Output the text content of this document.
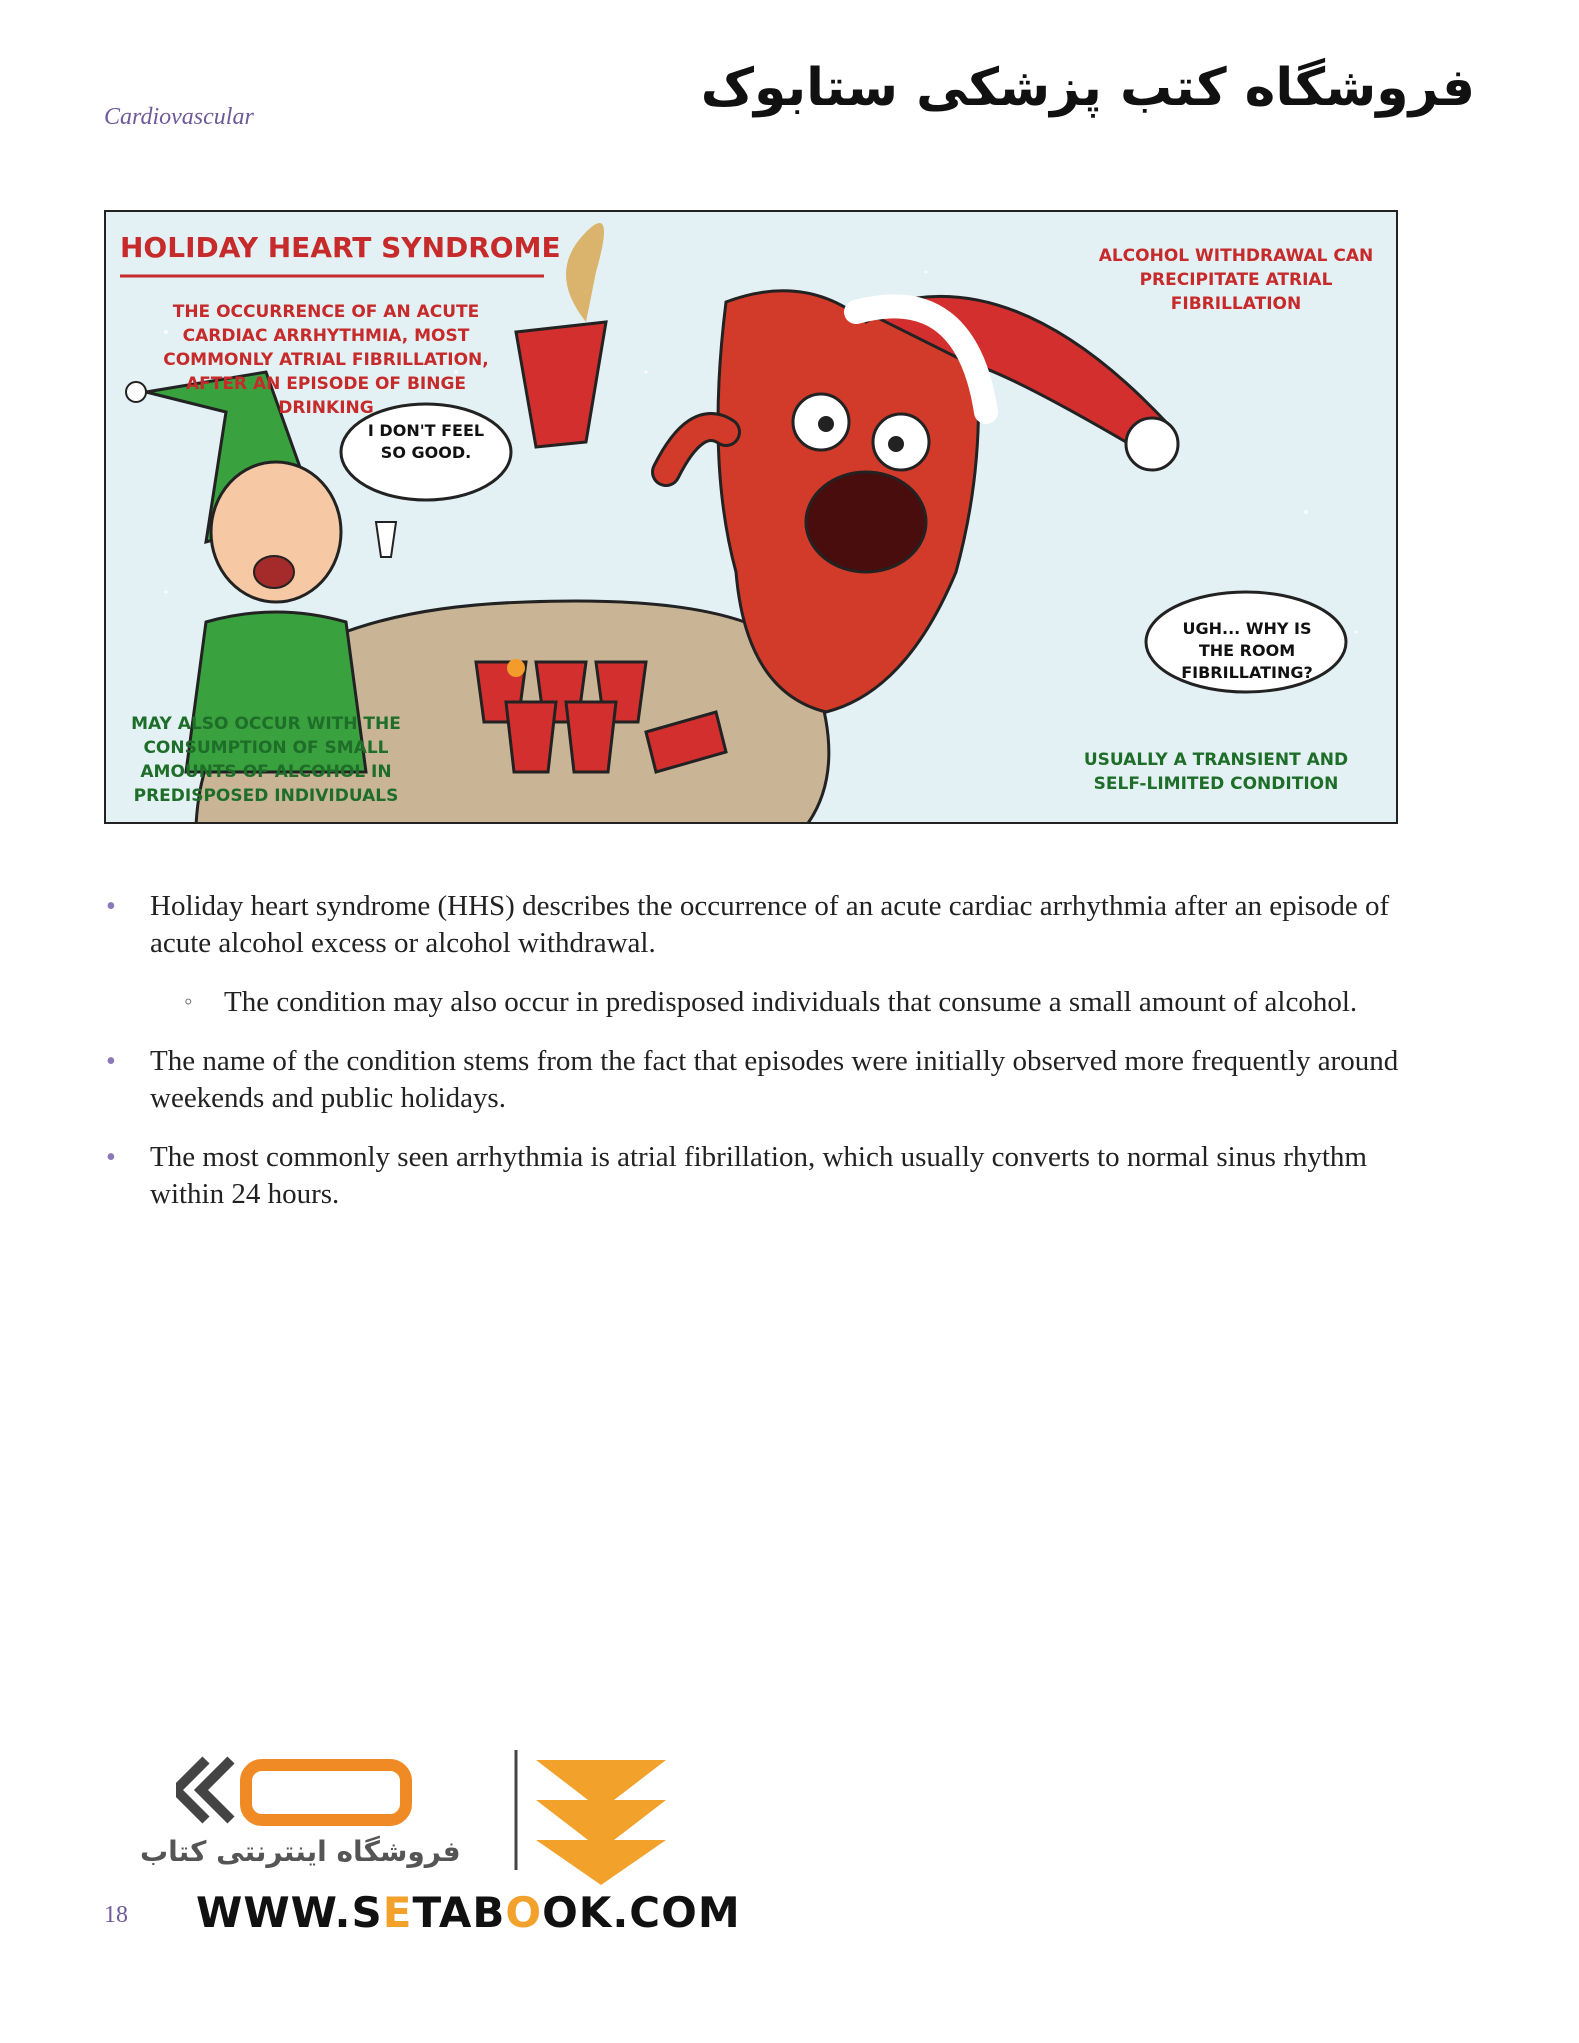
Cardiovascular	فروشگاه کتب پزشکی ستابوک
HOLIDAY HEART SYNDROME
THE OCCURRENCE OF AN ACUTE CARDIAC ARRHYTHMIA, MOST COMMONLY ATRIAL FIBRILLATION, AFTER AN EPISODE OF BINGE DRINKING
ALCOHOL WITHDRAWAL CAN PRECIPITATE ATRIAL FIBRILLATION
I DON'T FEEL SO GOOD.
UGH... WHY IS THE ROOM FIBRILLATING?
MAY ALSO OCCUR WITH THE CONSUMPTION OF SMALL AMOUNTS OF ALCOHOL IN PREDISPOSED INDIVIDUALS
USUALLY A TRANSIENT AND SELF-LIMITED CONDITION
• Holiday heart syndrome (HHS) describes the occurrence of an acute cardiac arrhythmia after an episode of acute alcohol excess or alcohol withdrawal.
◦ The condition may also occur in predisposed individuals that consume a small amount of alcohol.
• The name of the condition stems from the fact that episodes were initially observed more frequently around weekends and public holidays.
• The most commonly seen arrhythmia is atrial fibrillation, which usually converts to normal sinus rhythm within 24 hours.
فروشگاه اینترنتی کتاب
18 WWW.SETABOOK.COM
